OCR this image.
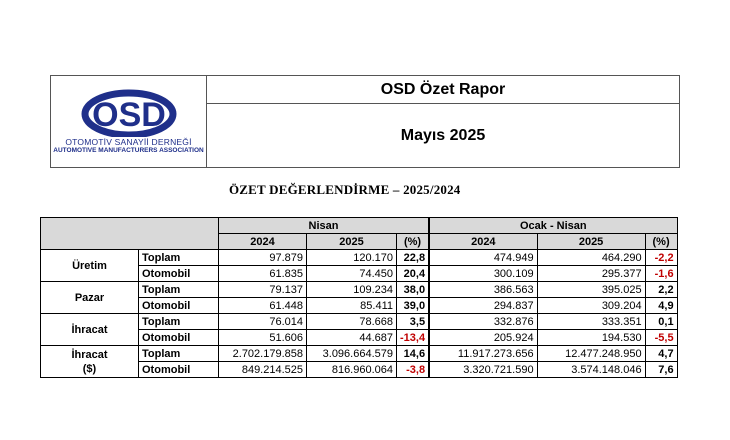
OSD
OTOMOTİV SANAYİİ DERNEĞİ
AUTOMOTIVE MANUFACTURERS ASSOCIATION
OSD Özet Rapor
Mayıs 2025
ÖZET DEĞERLENDİRME – 2025/2024
		Nisan			Ocak - Nisan		
		2024	2025	(%)	2024	2025	(%)

Üretim	Toplam	97.879	120.170	22,8	474.949	464.290	-2,2
	Otomobil	61.835	74.450	20,4	300.109	295.377	-1,6

Pazar	Toplam	79.137	109.234	38,0	386.563	395.025	2,2
	Otomobil	61.448	85.411	39,0	294.837	309.204	4,9

İhracat	Toplam	76.014	78.668	3,5	332.876	333.351	0,1
	Otomobil	51.606	44.687	-13,4	205.924	194.530	-5,5

İhracat
($)	Toplam	2.702.179.858	3.096.664.579	14,6	11.917.273.656	12.477.248.950	4,7
	Otomobil	849.214.525	816.960.064	-3,8	3.320.721.590	3.574.148.046	7,6
